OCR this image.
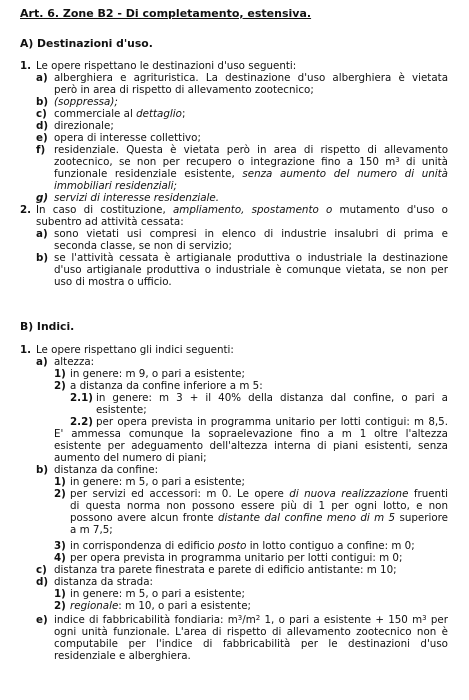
Art. 6. Zone B2 - Di completamento, estensiva.
A) Destinazioni d'uso.
1. Le opere rispettano le destinazioni d'uso seguenti:
a) alberghiera e agrituristica. La destinazione d'uso alberghiera è vietata
però in area di rispetto di allevamento zootecnico;
b) (soppressa);
c) commerciale al dettaglio;
d) direzionale;
e) opera di interesse collettivo;
f) residenziale. Questa è vietata però in area di rispetto di allevamento
zootecnico, se non per recupero o integrazione fino a 150 $m^3$ di unità
funzionale residenziale esistente, senza aumento del numero di unità
immobiliari residenziali;
g) servizi di interesse residenziale.
2. In caso di costituzione, ampliamento, spostamento o mutamento d'uso o
subentro ad attività cessata:
a) sono vietati usi compresi in elenco di industrie insalubri di prima e
seconda classe, se non di servizio;
b) se l'attività cessata è artigianale produttiva o industriale la destinazione
d'uso artigianale produttiva o industriale è comunque vietata, se non per
uso di mostra o ufficio.
B) Indici.
1. Le opere rispettano gli indici seguenti:
a) altezza:
1) in genere: m 9, o pari a esistente;
2) a distanza da confine inferiore a m 5:
2.1) in genere: m 3 + il 40% della distanza dal confine, o pari a
esistente;
2.2) per opera prevista in programma unitario per lotti contigui: m 8,5.
E' ammessa comunque la sopraelevazione fino a m 1 oltre l'altezza
esistente per adeguamento dell'altezza interna di piani esistenti, senza
aumento del numero di piani;
b) distanza da confine:
1) in genere: m 5, o pari a esistente;
2) per servizi ed accessori: m 0. Le opere di nuova realizzazione fruenti
di questa norma non possono essere più di 1 per ogni lotto, e non
possono avere alcun fronte distante dal confine meno di m 5 superiore
a m 7,5;
3) in corrispondenza di edificio posto in lotto contiguo a confine: m 0;
4) per opera prevista in programma unitario per lotti contigui: m 0;
c) distanza tra parete finestrata e parete di edificio antistante: m 10;
d) distanza da strada:
1) in genere: m 5, o pari a esistente;
2) regionale: m 10, o pari a esistente;
e) indice di fabbricabilità fondiaria: $m^3/m^2$ 1, o pari a esistente + 150 $m^3$ per
ogni unità funzionale. L'area di rispetto di allevamento zootecnico non è
computabile per l'indice di fabbricabilità per le destinazioni d'uso
residenziale e alberghiera.
